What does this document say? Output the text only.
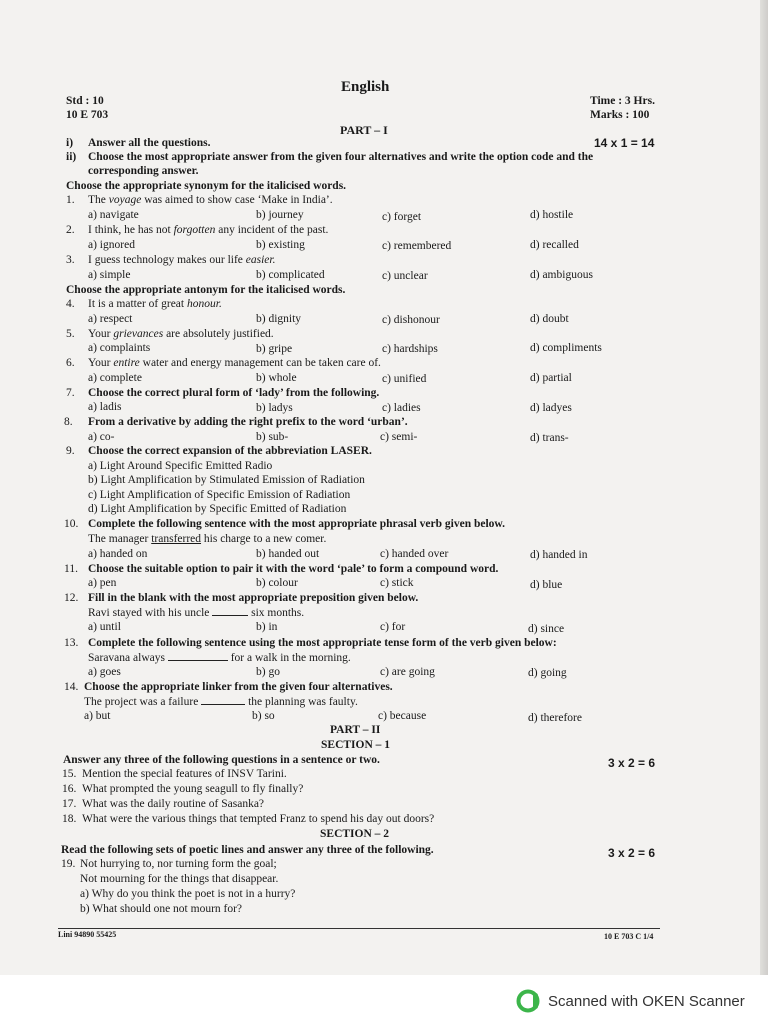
English
Std : 10
10 E 703
Time : 3 Hrs.
Marks : 100
PART – I
i) Answer all the questions.	14 x 1 = 14
ii) Choose the most appropriate answer from the given four alternatives and write the option code and the
corresponding answer.
Choose the appropriate synonym for the italicised words.
1. The voyage was aimed to show case ‘Make in India’.
a) navigate	b) journey	c) forget	d) hostile
2. I think, he has not forgotten any incident of the past.
a) ignored	b) existing	c) remembered	d) recalled
3. I guess technology makes our life easier.
a) simple	b) complicated	c) unclear	d) ambiguous
Choose the appropriate antonym for the italicised words.
4. It is a matter of great honour.
a) respect	b) dignity	c) dishonour	d) doubt
5. Your grievances are absolutely justified.
a) complaints	b) gripe	c) hardships	d) compliments
6. Your entire water and energy management can be taken care of.
a) complete	b) whole	c) unified	d) partial
7. Choose the correct plural form of ‘lady’ from the following.
a) ladis	b) ladys	c) ladies	d) ladyes
8. From a derivative by adding the right prefix to the word ‘urban’.
a) co-	b) sub-	c) semi-	d) trans-
9. Choose the correct expansion of the abbreviation LASER.
a) Light Around Specific Emitted Radio
b) Light Amplification by Stimulated Emission of Radiation
c) Light Amplification of Specific Emission of Radiation
d) Light Amplification by Specific Emitted of Radiation
10. Complete the following sentence with the most appropriate phrasal verb given below.
The manager transferred his charge to a new comer.
a) handed on	b) handed out	c) handed over	d) handed in
11. Choose the suitable option to pair it with the word ‘pale’ to form a compound word.
a) pen	b) colour	c) stick	d) blue
12. Fill in the blank with the most appropriate preposition given below.
Ravi stayed with his uncle	six months.
a) until	b) in	c) for	d) since
13. Complete the following sentence using the most appropriate tense form of the verb given below:
Saravana always	for a walk in the morning.
a) goes	b) go	c) are going	d) going
14. Choose the appropriate linker from the given four alternatives.
The project was a failure	the planning was faulty.
a) but	b) so	c) because	d) therefore
PART – II
SECTION – 1
Answer any three of the following questions in a sentence or two.	3 x 2 = 6
15. Mention the special features of INSV Tarini.
16. What prompted the young seagull to fly finally?
17. What was the daily routine of Sasanka?
18. What were the various things that tempted Franz to spend his day out doors?
SECTION – 2
Read the following sets of poetic lines and answer any three of the following.	3 x 2 = 6
19. Not hurrying to, nor turning form the goal;
Not mourning for the things that disappear.
a) Why do you think the poet is not in a hurry?
b) What should one not mourn for?
Lini 94890 55425	10 E 703 C 1/4
Scanned with OKEN Scanner
